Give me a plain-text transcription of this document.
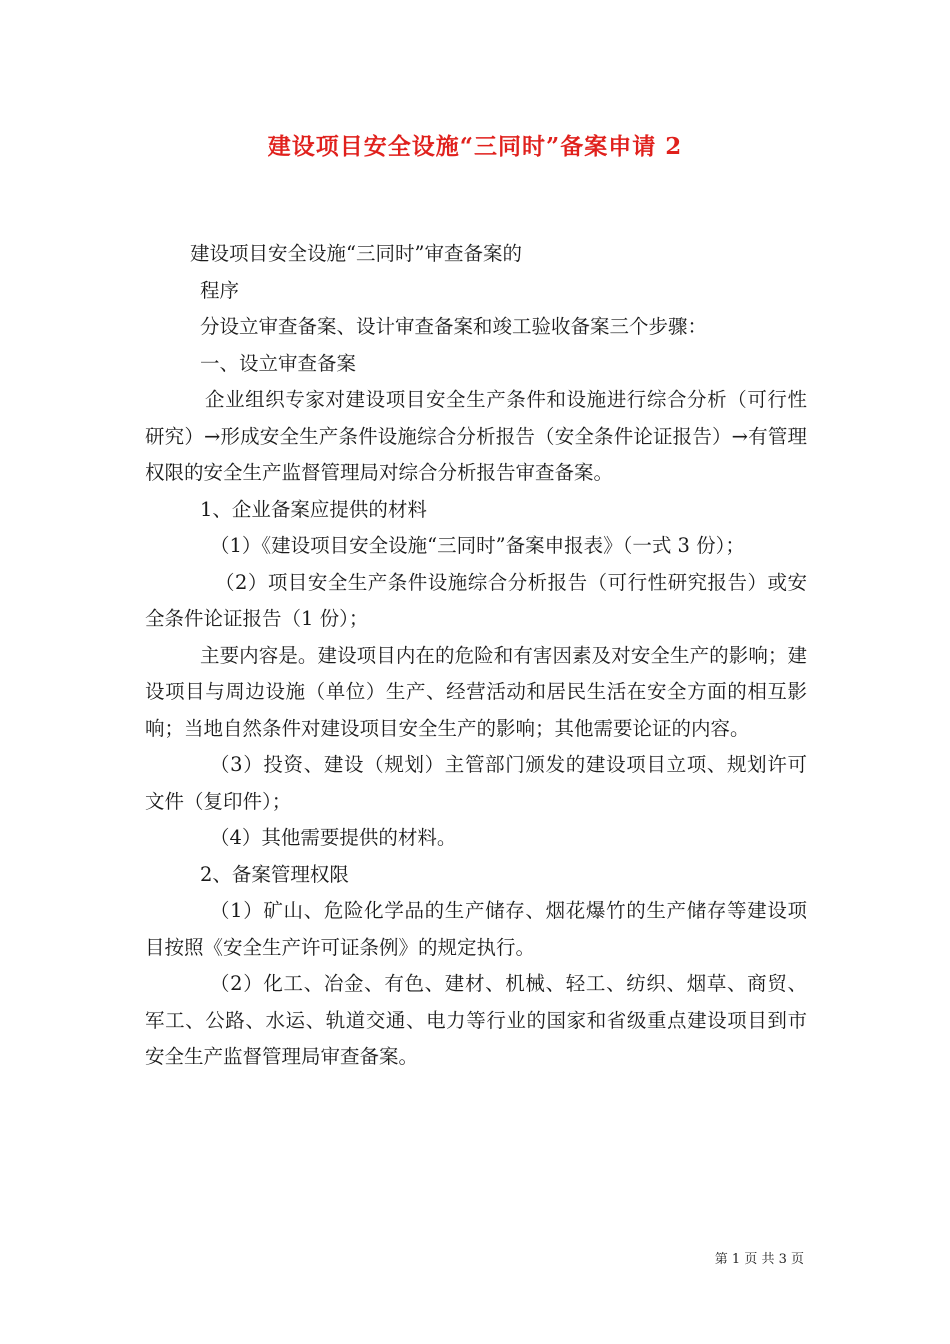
建设项目安全设施“三同时”备案申请 2

建设项目安全设施“三同时”审查备案的

程序

分设立审查备案、设计审查备案和竣工验收备案三个步骤：

一、设立审查备案

企业组织专家对建设项目安全生产条件和设施进行综合分析（可行性研究）→形成安全生产条件设施综合分析报告（安全条件论证报告）→有管理权限的安全生产监督管理局对综合分析报告审查备案。

1、企业备案应提供的材料

（1）《建设项目安全设施“三同时”备案申报表》（一式 3 份）；

（2）项目安全生产条件设施综合分析报告（可行性研究报告）或安全条件论证报告（1 份）；

主要内容是。建设项目内在的危险和有害因素及对安全生产的影响；建设项目与周边设施（单位）生产、经营活动和居民生活在安全方面的相互影响；当地自然条件对建设项目安全生产的影响；其他需要论证的内容。

（3）投资、建设（规划）主管部门颁发的建设项目立项、规划许可文件（复印件）；

（4）其他需要提供的材料。

2、备案管理权限

（1）矿山、危险化学品的生产储存、烟花爆竹的生产储存等建设项目按照《安全生产许可证条例》的规定执行。

（2）化工、冶金、有色、建材、机械、轻工、纺织、烟草、商贸、军工、公路、水运、轨道交通、电力等行业的国家和省级重点建设项目到市安全生产监督管理局审查备案。

第 1 页 共 3 页
